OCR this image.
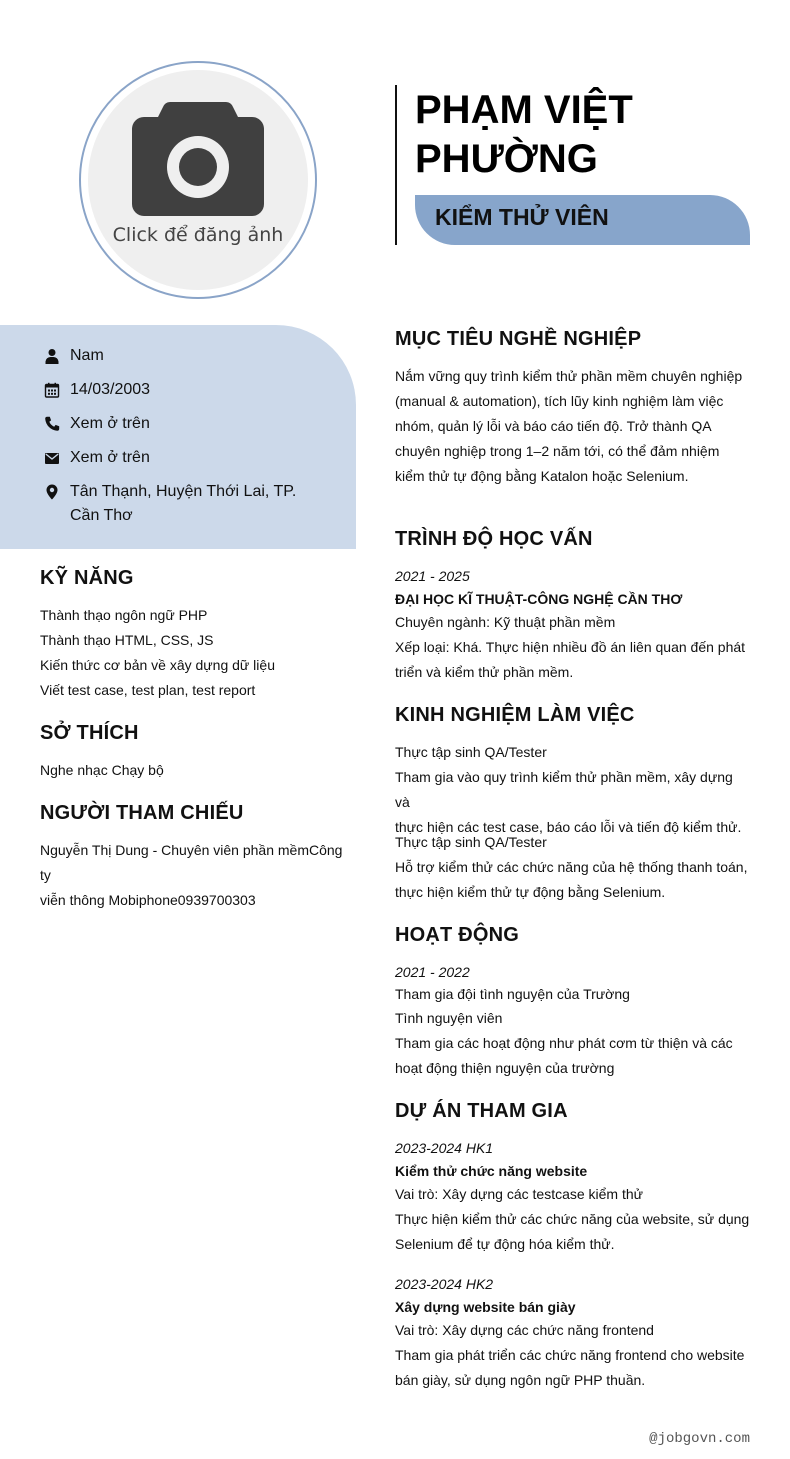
Click để đăng ảnh
PHẠM VIỆT
PHƯỜNG
KIỂM THỬ VIÊN
Nam
14/03/2003
Xem ở trên
Xem ở trên
Tân Thạnh, Huyện Thới Lai, TP.
Cần Thơ
KỸ NĂNG
Thành thạo ngôn ngữ PHP
Thành thạo HTML, CSS, JS
Kiến thức cơ bản về xây dựng dữ liệu
Viết test case, test plan, test report
SỞ THÍCH
Nghe nhạc Chạy bộ
NGƯỜI THAM CHIẾU
Nguyễn Thị Dung - Chuyên viên phần mềmCông ty
viễn thông Mobiphone0939700303
MỤC TIÊU NGHỀ NGHIỆP
Nắm vững quy trình kiểm thử phần mềm chuyên nghiệp
(manual & automation), tích lũy kinh nghiệm làm việc
nhóm, quản lý lỗi và báo cáo tiến độ. Trở thành QA
chuyên nghiệp trong 1–2 năm tới, có thể đảm nhiệm
kiểm thử tự động bằng Katalon hoặc Selenium.
TRÌNH ĐỘ HỌC VẤN
2021 - 2025
ĐẠI HỌC KĨ THUẬT-CÔNG NGHỆ CẦN THƠ
Chuyên ngành: Kỹ thuật phần mềm
Xếp loại: Khá. Thực hiện nhiều đồ án liên quan đến phát
triển và kiểm thử phần mềm.
KINH NGHIỆM LÀM VIỆC
Thực tập sinh QA/Tester
Tham gia vào quy trình kiểm thử phần mềm, xây dựng và
thực hiện các test case, báo cáo lỗi và tiến độ kiểm thử.
Thực tập sinh QA/Tester
Hỗ trợ kiểm thử các chức năng của hệ thống thanh toán,
thực hiện kiểm thử tự động bằng Selenium.
HOẠT ĐỘNG
2021 - 2022
Tham gia đội tình nguyện của Trường
Tình nguyện viên
Tham gia các hoạt động như phát cơm từ thiện và các
hoạt động thiện nguyện của trường
DỰ ÁN THAM GIA
2023-2024 HK1
Kiểm thử chức năng website
Vai trò: Xây dựng các testcase kiểm thử
Thực hiện kiểm thử các chức năng của website, sử dụng
Selenium để tự động hóa kiểm thử.
2023-2024 HK2
Xây dựng website bán giày
Vai trò: Xây dựng các chức năng frontend
Tham gia phát triển các chức năng frontend cho website
bán giày, sử dụng ngôn ngữ PHP thuần.
@jobgovn.com
